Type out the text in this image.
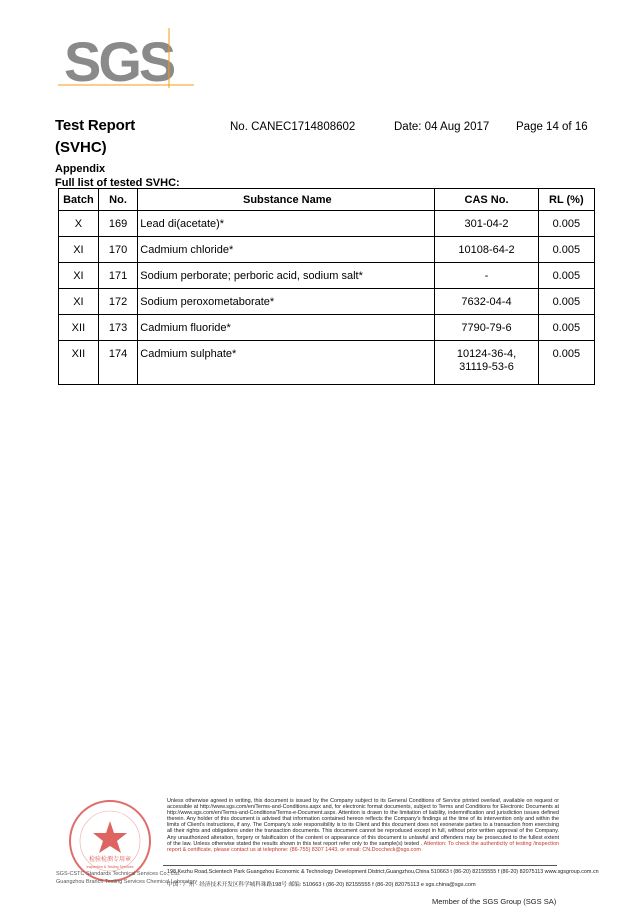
SGS
Test Report
(SVHC)
No. CANEC1714808602	Date: 04 Aug 2017 Page 14 of 16
Appendix
Full list of tested SVHC:
Batch	No.	Substance Name	CAS No.	RL (%)
X	169	Lead di(acetate)*	301-04-2	0.005
XI	170	Cadmium chloride*	10108-64-2	0.005
XI	171	Sodium perborate; perboric acid, sodium salt*	-	0.005
XI	172	Sodium peroxometaborate*	7632-04-4	0.005
XII	173	Cadmium fluoride*	7790-79-6	0.005
XII	174	Cadmium sulphate*	10124-36-4,
31119-53-6	0.005
检验检测专用章
Inspection & Testing Services
SGS-CSTC Standards Technical Services Co., Ltd.
Guangzhou Branch Testing Services Chemical Laboratory
Unless otherwise agreed in writing, this document is issued by the Company subject to its General Conditions of Service printed overleaf, available on request or accessible at http://www.sgs.com/en/Terms-and-Conditions.aspx and, for electronic format documents, subject to Terms and Conditions for Electronic Documents at http://www.sgs.com/en/Terms-and-Conditions/Terms-e-Document.aspx. Attention is drawn to the limitation of liability, indemnification and jurisdiction issues defined therein. Any holder of this document is advised that information contained hereon reflects the Company's findings at the time of its intervention only and within the limits of Client's instructions, if any. The Company's sole responsibility is to its Client and this document does not exonerate parties to a transaction from exercising all their rights and obligations under the transaction documents. This document cannot be reproduced except in full, without prior written approval of the Company. Any unauthorized alteration, forgery or falsification of the content or appearance of this document is unlawful and offenders may be prosecuted to the fullest extent of the law. Unless otherwise stated the results shown in this test report refer only to the sample(s) tested . Attention: To check the authenticity of testing /inspection report & certificate, please contact us at telephone: (86-755) 8307 1443, or email: CN.Doccheck@sgs.com
198 Kezhu Road,Scientech Park Guangzhou Economic & Technology Development District,Guangzhou,China 510663 t (86-20) 82155555 f (86-20) 82075113 www.sgsgroup.com.cn
中国 · 广州 · 经济技术开发区科学城科珠路198号 邮编: 510663 t (86-20) 82155555 f (86-20) 82075113 e sgs.china@sgs.com
Member of the SGS Group (SGS SA)
